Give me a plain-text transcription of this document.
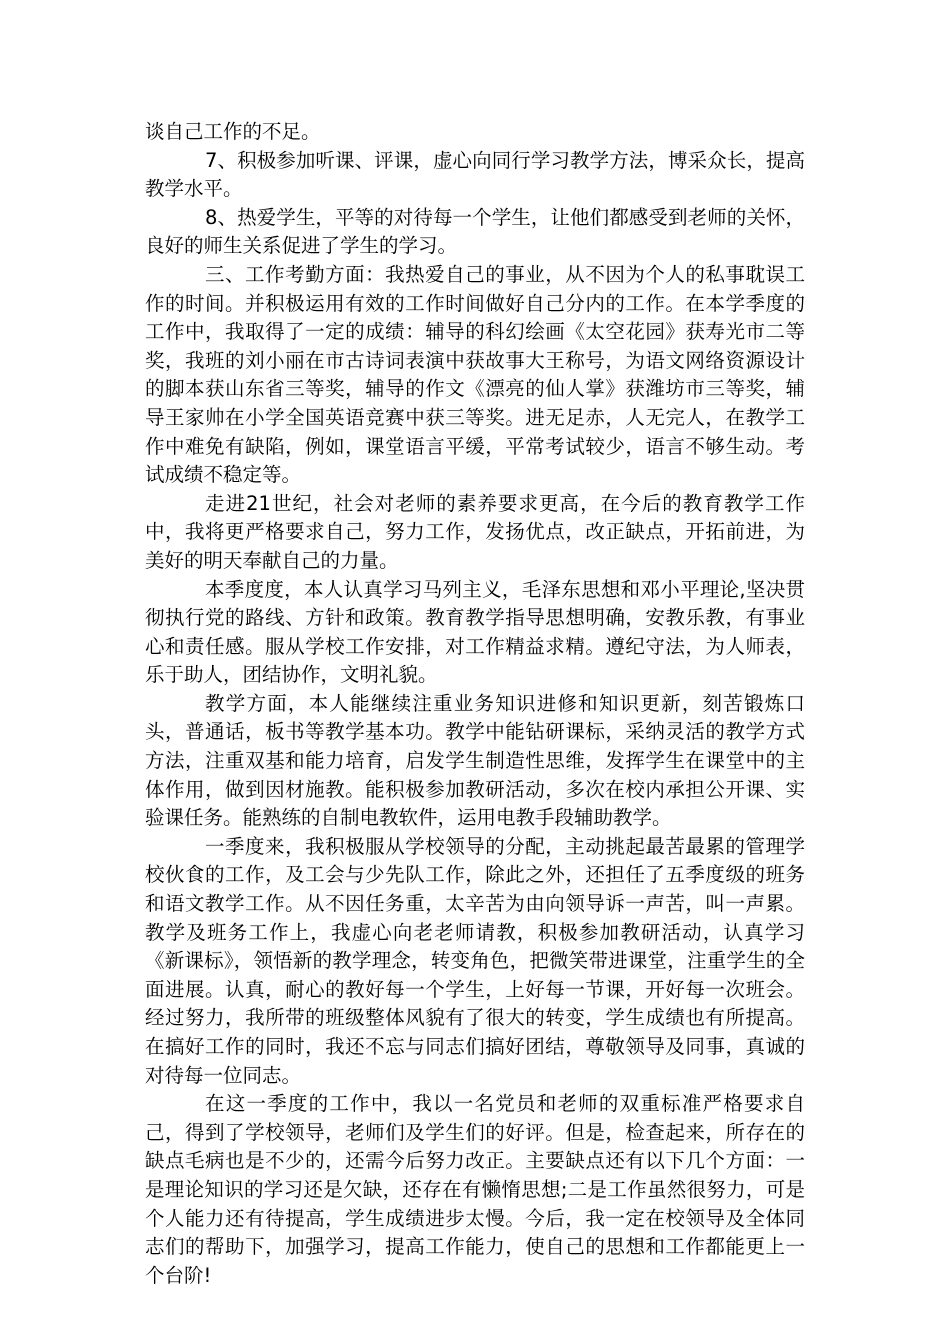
谈自己工作的不足。

7、积极参加听课、评课，虚心向同行学习教学方法，博采众长，提高教学水平。

8、热爱学生，平等的对待每一个学生，让他们都感受到老师的关怀，良好的师生关系促进了学生的学习。

三、工作考勤方面：我热爱自己的事业，从不因为个人的私事耽误工作的时间。并积极运用有效的工作时间做好自己分内的工作。在本学季度的工作中，我取得了一定的成绩：辅导的科幻绘画《太空花园》获寿光市二等奖，我班的刘小丽在市古诗词表演中获故事大王称号，为语文网络资源设计的脚本获山东省三等奖，辅导的作文《漂亮的仙人掌》获潍坊市三等奖，辅导王家帅在小学全国英语竞赛中获三等奖。进无足赤，人无完人，在教学工作中难免有缺陷，例如，课堂语言平缓，平常考试较少，语言不够生动。考试成绩不稳定等。

走进21世纪，社会对老师的素养要求更高，在今后的教育教学工作中，我将更严格要求自己，努力工作，发扬优点，改正缺点，开拓前进，为美好的明天奉献自己的力量。

本季度度，本人认真学习马列主义，毛泽东思想和邓小平理论,坚决贯彻执行党的路线、方针和政策。教育教学指导思想明确，安教乐教，有事业心和责任感。服从学校工作安排，对工作精益求精。遵纪守法，为人师表，乐于助人，团结协作，文明礼貌。

教学方面，本人能继续注重业务知识进修和知识更新，刻苦锻炼口头，普通话，板书等教学基本功。教学中能钻研课标，采纳灵活的教学方式方法，注重双基和能力培育，启发学生制造性思维，发挥学生在课堂中的主体作用，做到因材施教。能积极参加教研活动，多次在校内承担公开课、实验课任务。能熟练的自制电教软件，运用电教手段辅助教学。

一季度来，我积极服从学校领导的分配，主动挑起最苦最累的管理学校伙食的工作，及工会与少先队工作，除此之外，还担任了五季度级的班务和语文教学工作。从不因任务重，太辛苦为由向领导诉一声苦，叫一声累。教学及班务工作上，我虚心向老老师请教，积极参加教研活动，认真学习《新课标》，领悟新的教学理念，转变角色，把微笑带进课堂，注重学生的全面进展。认真，耐心的教好每一个学生，上好每一节课，开好每一次班会。经过努力，我所带的班级整体风貌有了很大的转变，学生成绩也有所提高。在搞好工作的同时，我还不忘与同志们搞好团结，尊敬领导及同事，真诚的对待每一位同志。

在这一季度的工作中，我以一名党员和老师的双重标准严格要求自己，得到了学校领导，老师们及学生们的好评。但是，检查起来，所存在的缺点毛病也是不少的，还需今后努力改正。主要缺点还有以下几个方面：一是理论知识的学习还是欠缺，还存在有懒惰思想;二是工作虽然很努力，可是个人能力还有待提高，学生成绩进步太慢。今后，我一定在校领导及全体同志们的帮助下，加强学习，提高工作能力，使自己的思想和工作都能更上一个台阶!
